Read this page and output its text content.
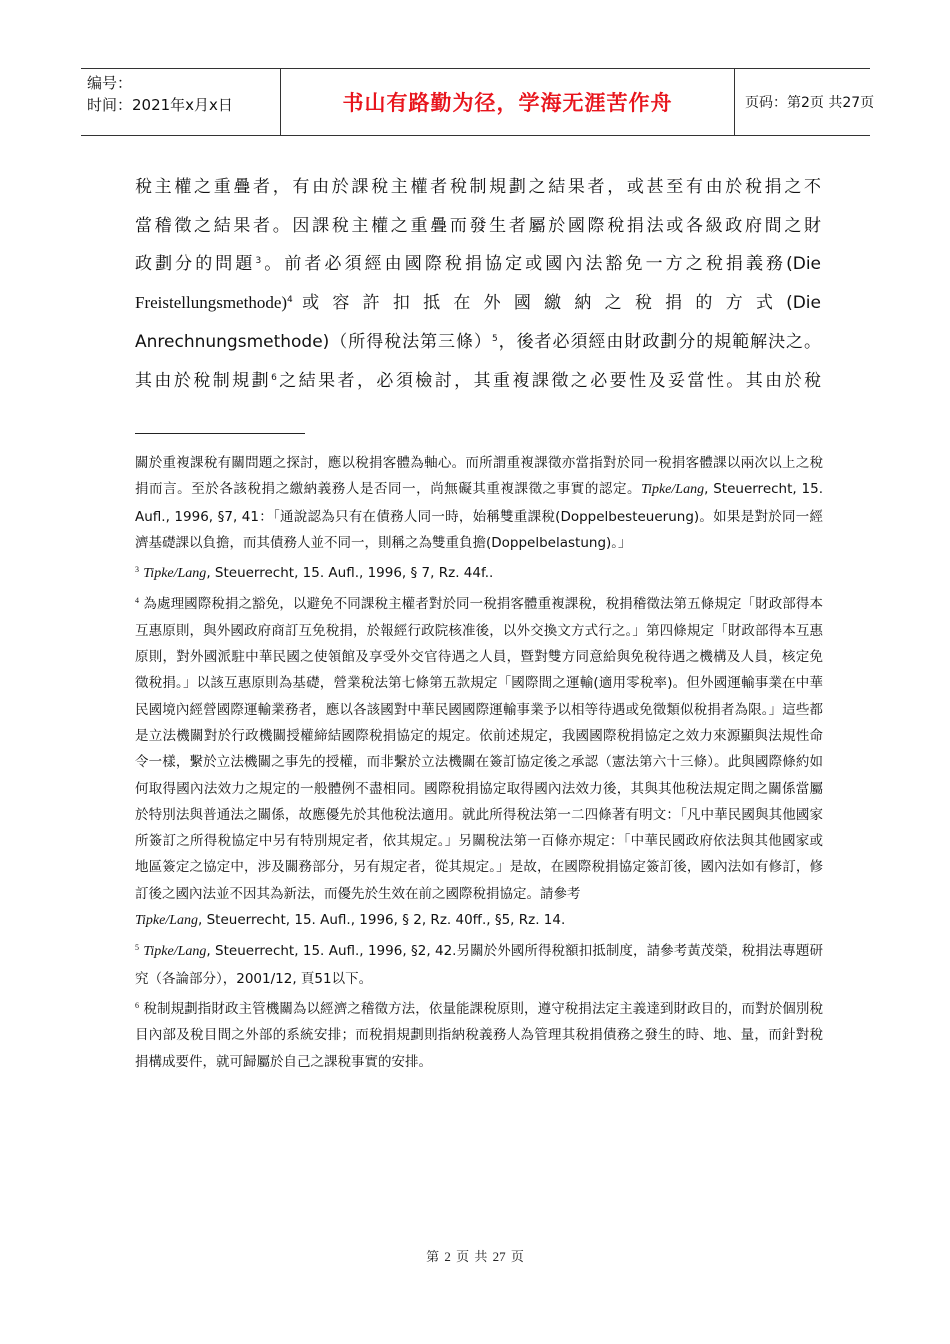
编号：
时间：2021年x月x日	书山有路勤为径，学海无涯苦作舟	页码：第2页 共27页

稅主權之重疊者，有由於課稅主權者稅制規劃之結果者，或甚至有由於稅捐之不

當稽徵之結果者。因課稅主權之重疊而發生者屬於國際稅捐法或各級政府間之財

政劃分的問題$^3$。前者必須經由國際稅捐協定或國內法豁免一方之稅捐義務(Die

Freistellungsmethode)$^4$ 或 容 許 扣 抵 在 外 國 繳 納 之 稅 捐 的 方 式 (Die

Anrechnungsmethode)（所得稅法第三條）$^5$，後者必須經由財政劃分的規範解決之。

其由於稅制規劃$^6$之結果者，必須檢討，其重複課徵之必要性及妥當性。其由於稅

關於重複課稅有關問題之探討，應以稅捐客體為軸心。而所謂重複課徵亦當指對於同一稅捐客體課以兩次以上之稅捐而言。至於各該稅捐之繳納義務人是否同一，尚無礙其重複課徵之事實的認定。Tipke/Lang, Steuerrecht, 15. Aufl., 1996, §7, 41：「通說認為只有在債務人同一時，始稱雙重課稅(Doppelbesteuerung)。如果是對於同一經濟基礎課以負擔，而其債務人並不同一，則稱之為雙重負擔(Doppelbelastung)。」

$^3$ Tipke/Lang, Steuerrecht, 15. Aufl., 1996, § 7, Rz. 44f..

$^4$ 為處理國際稅捐之豁免，以避免不同課稅主權者對於同一稅捐客體重複課稅，稅捐稽徵法第五條規定「財政部得本互惠原則，與外國政府商訂互免稅捐，於報經行政院核准後，以外交換文方式行之。」第四條規定「財政部得本互惠原則，對外國派駐中華民國之使領館及享受外交官待遇之人員，暨對雙方同意給與免稅待遇之機構及人員，核定免徵稅捐。」以該互惠原則為基礎，營業稅法第七條第五款規定「國際間之運輸(適用零稅率)。但外國運輸事業在中華民國境內經營國際運輸業務者，應以各該國對中華民國國際運輸事業予以相等待遇或免徵類似稅捐者為限。」這些都是立法機關對於行政機關授權締結國際稅捐協定的規定。依前述規定，我國國際稅捐協定之效力來源顯與法規性命令一樣，繫於立法機關之事先的授權，而非繫於立法機關在簽訂協定後之承認（憲法第六十三條）。此與國際條約如何取得國內法效力之規定的一般體例不盡相同。國際稅捐協定取得國內法效力後，其與其他稅法規定間之關係當屬於特別法與普通法之關係，故應優先於其他稅法適用。就此所得稅法第一二四條著有明文：「凡中華民國與其他國家所簽訂之所得稅協定中另有特別規定者，依其規定。」另關稅法第一百條亦規定：「中華民國政府依法與其他國家或地區簽定之協定中，涉及關務部分，另有規定者，從其規定。」是故，在國際稅捐協定簽訂後，國內法如有修訂，修訂後之國內法並不因其為新法，而優先於生效在前之國際稅捐協定。請參考
Tipke/Lang, Steuerrecht, 15. Aufl., 1996, § 2, Rz. 40ff., §5, Rz. 14.

$^5$ Tipke/Lang, Steuerrecht, 15. Aufl., 1996, §2, 42.另關於外國所得稅額扣抵制度，請參考黃茂榮，稅捐法專題研究（各論部分），2001/12, 頁51以下。

$^6$ 稅制規劃指財政主管機關為以經濟之稽徵方法，依量能課稅原則，遵守稅捐法定主義達到財政目的，而對於個別稅目內部及稅目間之外部的系統安排；而稅捐規劃則指納稅義務人為管理其稅捐債務之發生的時、地、量，而針對稅捐構成要件，就可歸屬於自己之課稅事實的安排。

第 2 页 共 27 页
